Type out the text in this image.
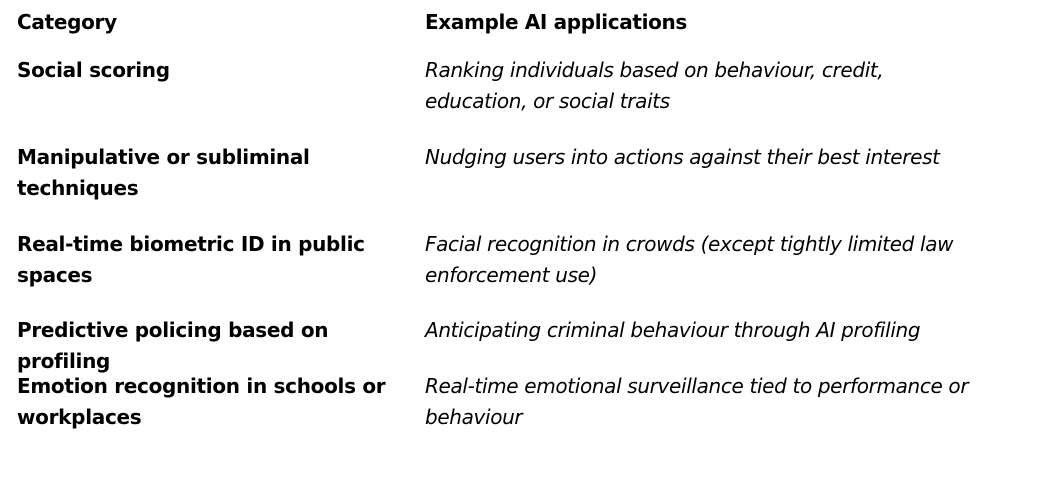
Category	Example AI applications
Social scoring	Ranking individuals based on behaviour, credit, education, or social traits
Manipulative or subliminal techniques
Nudging users into actions against their best interest
Real-time biometric ID in public spaces
Facial recognition in crowds (except tightly limited law enforcement use)
Predictive policing based on profiling
Anticipating criminal behaviour through AI profiling
Emotion recognition in schools or workplaces
Real-time emotional surveillance tied to performance or behaviour
